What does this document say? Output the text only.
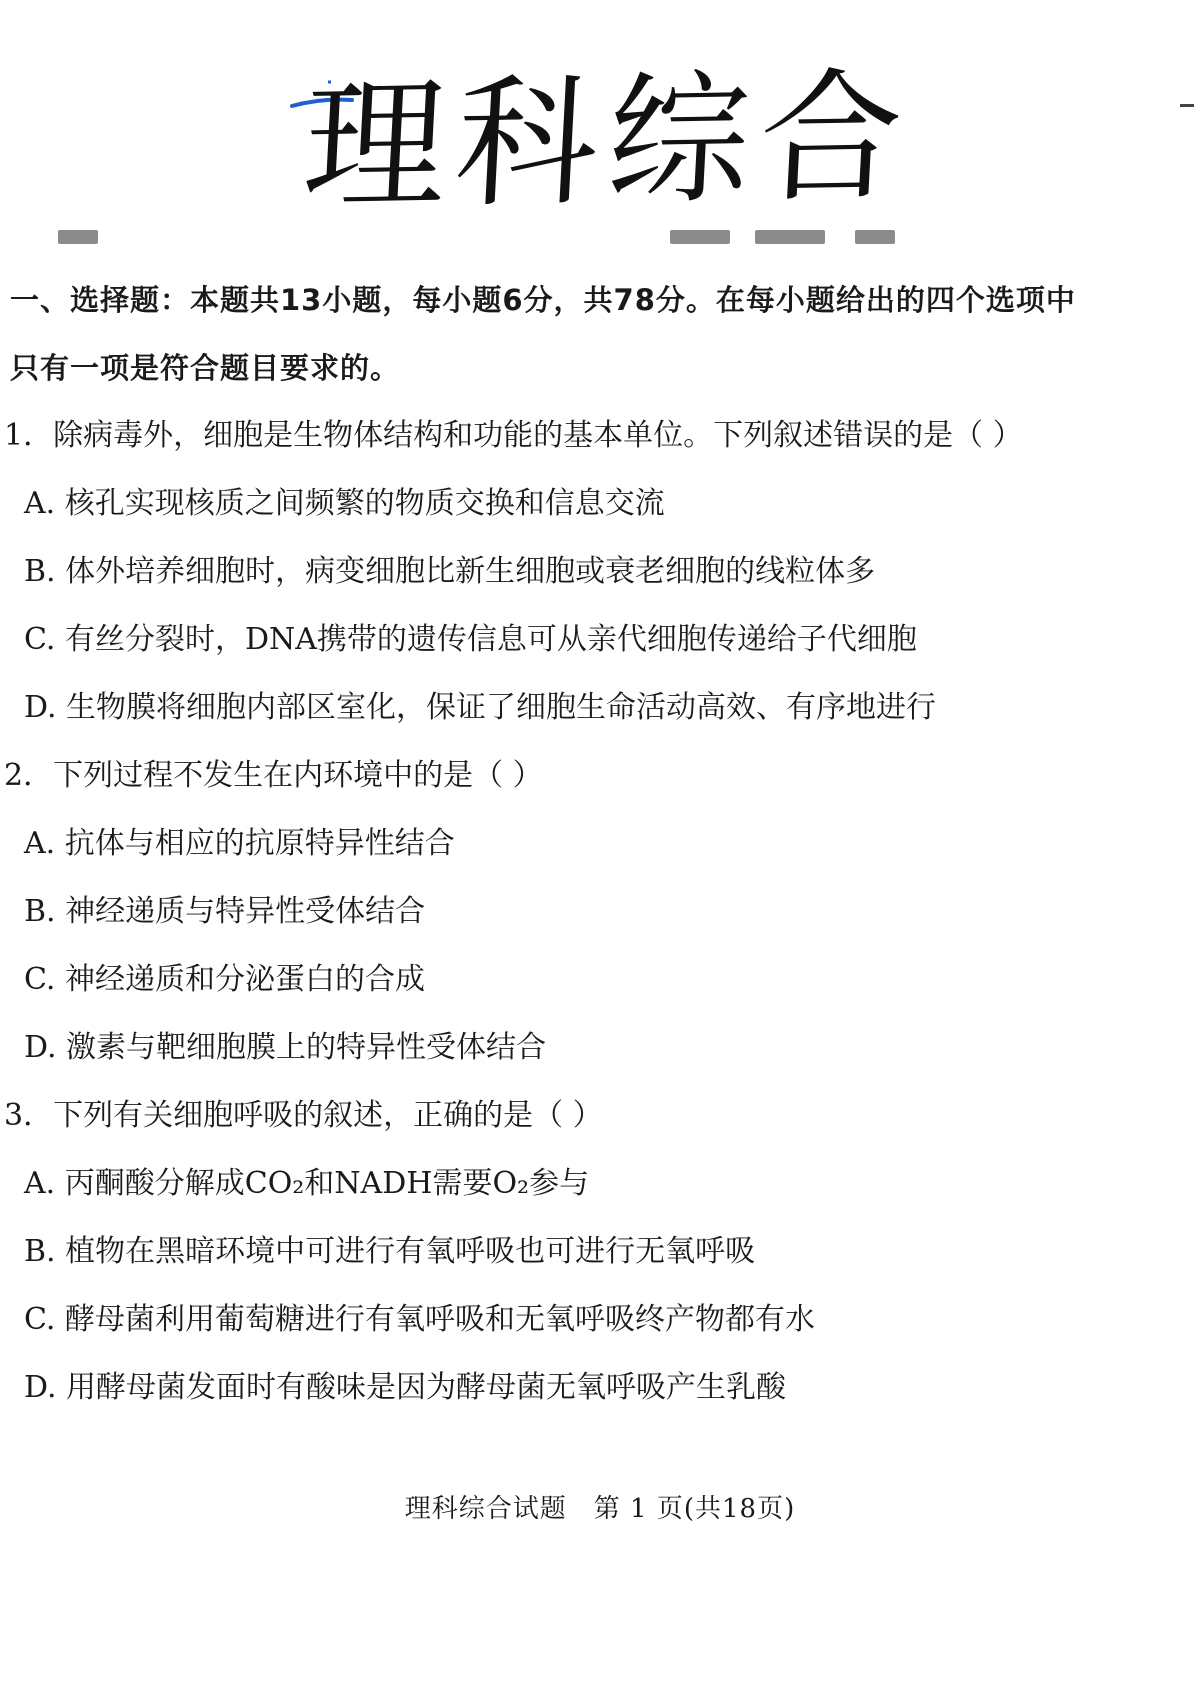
理科综合
一、选择题：本题共13小题，每小题6分，共78分。在每小题给出的四个选项中
只有一项是符合题目要求的。
1．除病毒外，细胞是生物体结构和功能的基本单位。下列叙述错误的是（ ）
A. 核孔实现核质之间频繁的物质交换和信息交流
B. 体外培养细胞时，病变细胞比新生细胞或衰老细胞的线粒体多
C. 有丝分裂时，DNA携带的遗传信息可从亲代细胞传递给子代细胞
D. 生物膜将细胞内部区室化，保证了细胞生命活动高效、有序地进行
2．下列过程不发生在内环境中的是（ ）
A. 抗体与相应的抗原特异性结合
B. 神经递质与特异性受体结合
C. 神经递质和分泌蛋白的合成
D. 激素与靶细胞膜上的特异性受体结合
3．下列有关细胞呼吸的叙述，正确的是（ ）
A. 丙酮酸分解成CO₂和NADH需要O₂参与
B. 植物在黑暗环境中可进行有氧呼吸也可进行无氧呼吸
C. 酵母菌利用葡萄糖进行有氧呼吸和无氧呼吸终产物都有水
D. 用酵母菌发面时有酸味是因为酵母菌无氧呼吸产生乳酸
理科综合试题　第 1 页(共18页)
